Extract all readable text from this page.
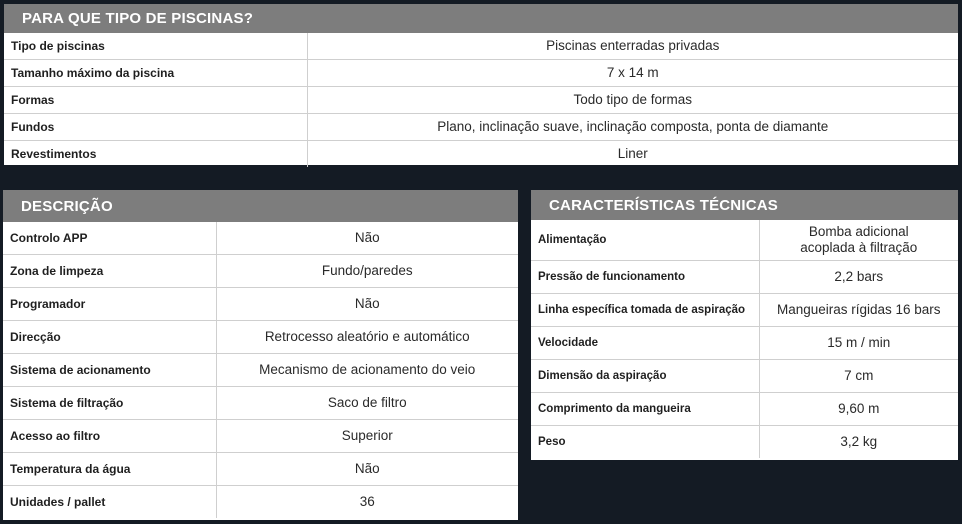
PARA QUE TIPO DE PISCINAS?
Tipo de piscinas	Piscinas enterradas privadas
Tamanho máximo da piscina	7 x 14 m
Formas	Todo tipo de formas
Fundos	Plano, inclinação suave, inclinação composta, ponta de diamante
Revestimentos	Liner
DESCRIÇÃO
Controlo APP	Não
Zona de limpeza	Fundo/paredes
Programador	Não
Direcção	Retrocesso aleatório e automático
Sistema de acionamento	Mecanismo de acionamento do veio
Sistema de filtração	Saco de filtro
Acesso ao filtro	Superior
Temperatura da água	Não
Unidades / pallet	36
CARACTERÍSTICAS TÉCNICAS
Alimentação	Bomba adicional
acoplada à filtração
Pressão de funcionamento	2,2 bars
Linha específica tomada de aspiração	Mangueiras rígidas 16 bars
Velocidade	15 m / min
Dimensão da aspiração	7 cm
Comprimento da mangueira	9,60 m
Peso	3,2 kg
